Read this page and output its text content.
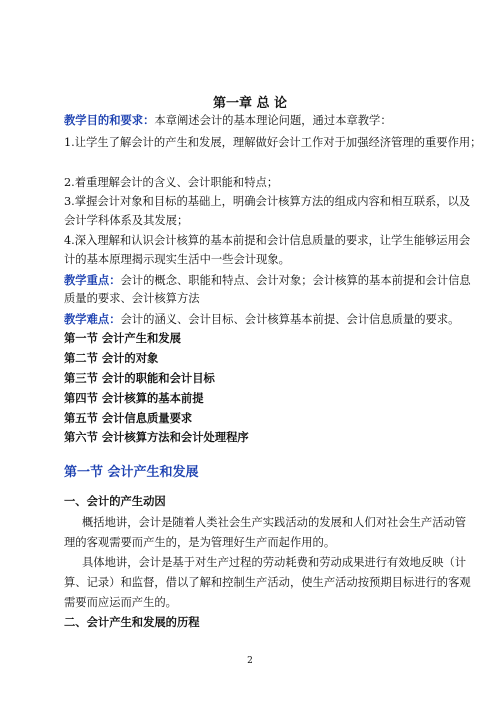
第一章 总 论
教学目的和要求：本章阐述会计的基本理论问题，通过本章教学：
1.让学生了解会计的产生和发展，理解做好会计工作对于加强经济管理的重要作用；
2.着重理解会计的含义、会计职能和特点；
3.掌握会计对象和目标的基础上，明确会计核算方法的组成内容和相互联系，以及
会计学科体系及其发展；
4.深入理解和认识会计核算的基本前提和会计信息质量的要求，让学生能够运用会
计的基本原理揭示现实生活中一些会计现象。
教学重点：会计的概念、职能和特点、会计对象；会计核算的基本前提和会计信息
质量的要求、会计核算方法
教学难点：会计的涵义、会计目标、会计核算基本前提、会计信息质量的要求。
第一节 会计产生和发展
第二节 会计的对象
第三节 会计的职能和会计目标
第四节 会计核算的基本前提
第五节 会计信息质量要求
第六节 会计核算方法和会计处理程序
第一节 会计产生和发展
一、会计的产生动因
概括地讲，会计是随着人类社会生产实践活动的发展和人们对社会生产活动管
理的客观需要而产生的，是为管理好生产而起作用的。
具体地讲，会计是基于对生产过程的劳动耗费和劳动成果进行有效地反映（计
算、记录）和监督，借以了解和控制生产活动，使生产活动按预期目标进行的客观
需要而应运而产生的。
二、会计产生和发展的历程
2
